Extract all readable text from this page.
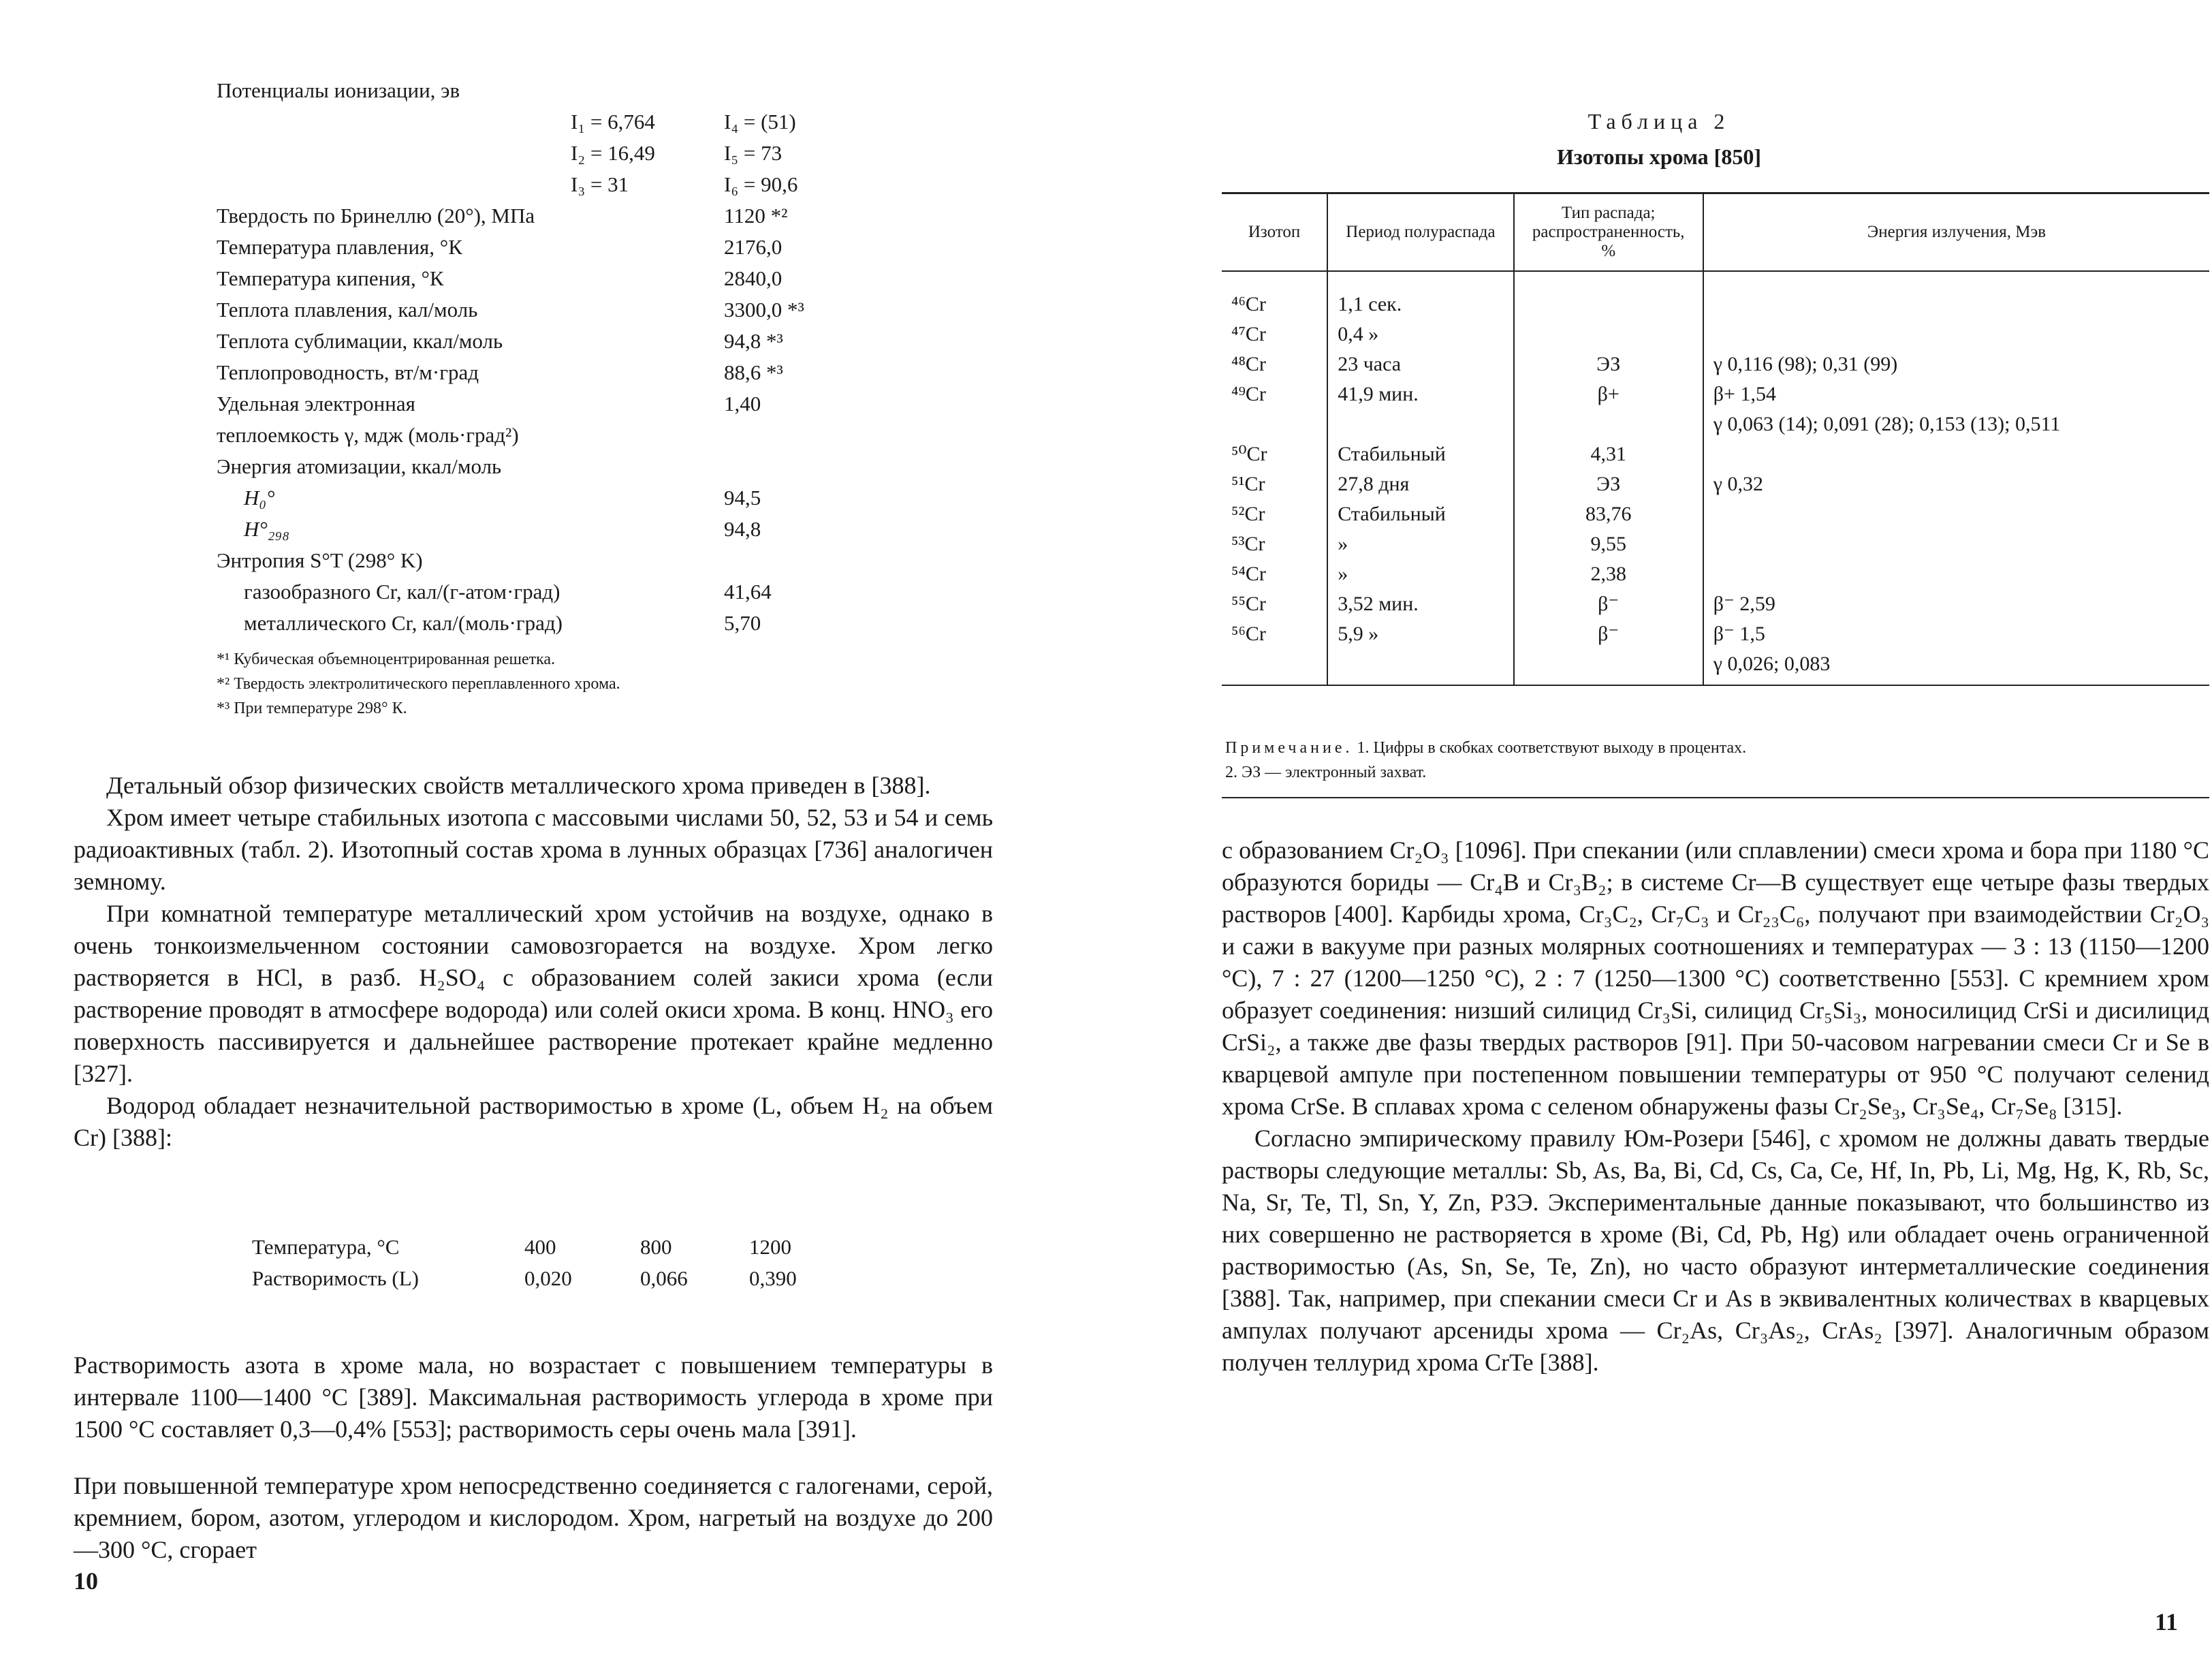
Потенциалы ионизации, эв
I₁ = 6,764	I₄ = (51)
I₂ = 16,49	I₅ = 73
I₃ = 31	I₆ = 90,6
Твердость по Бринеллю (20°), МПа	1120 *²
Температура плавления, °К	2176,0
Температура кипения, °К	2840,0
Теплота плавления, кал/моль	3300,0 *³
Теплота сублимации, ккал/моль	94,8 *³
Теплопроводность, вт/м·град	88,6 *³
Удельная электронная	1,40
теплоемкость γ, мдж (моль·град²)
Энергия атомизации, ккал/моль
H₀°	94,5
H°₂₉₈	94,8
Энтропия S°T (298° K)
газообразного Cr, кал/(г-атом·град)	41,64
металлического Cr, кал/(моль·град)	5,70
*¹ Кубическая объемноцентрированная решетка.
*² Твердость электролитического переплавленного хрома.
*³ При температуре 298° К.

Детальный обзор физических свойств металлического хрома приведен в [388].

Хром имеет четыре стабильных изотопа с массовыми числами 50, 52, 53 и 54 и семь радиоактивных (табл. 2). Изотопный состав хрома в лунных образцах [736] аналогичен земному.

При комнатной температуре металлический хром устойчив на воздухе, однако в очень тонкоизмельченном состоянии самовозгорается на воздухе. Хром легко растворяется в HCl, в разб. H₂SO₄ с образованием солей закиси хрома (если растворение проводят в атмосфере водорода) или солей окиси хрома. В конц. HNO₃ его поверхность пассивируется и дальнейшее растворение протекает крайне медленно [327].

Водород обладает незначительной растворимостью в хроме (L, объем H₂ на объем Cr) [388]:

Температура, °C	400	800	1200
Растворимость (L)	0,020	0,066	0,390

Растворимость азота в хроме мала, но возрастает с повышением температуры в интервале 1100—1400 °C [389]. Максимальная растворимость углерода в хроме при 1500 °C составляет 0,3—0,4% [553]; растворимость серы очень мала [391].

При повышенной температуре хром непосредственно соединяется с галогенами, серой, кремнием, бором, азотом, углеродом и кислородом. Хром, нагретый на воздухе до 200—300 °C, сгорает

10
Таблица 2
Изотопы хрома [850]
Изотоп	Период полураспада	Тип распада; распространенность, %	Энергия излучения, Мэв
⁴⁶Cr	1,1 сек.		
⁴⁷Cr	0,4 »		
⁴⁸Cr	23 часа	ЭЗ	γ 0,116 (98); 0,31 (99)
⁴⁹Cr	41,9 мин.	β+	β+ 1,54
			γ 0,063 (14); 0,091 (28); 0,153 (13); 0,511
⁵⁰Cr	Стабильный	4,31	
⁵¹Cr	27,8 дня	ЭЗ	γ 0,32
⁵²Cr	Стабильный	83,76	
⁵³Cr	»	9,55	
⁵⁴Cr	»	2,38	
⁵⁵Cr	3,52 мин.	β⁻	β⁻ 2,59
⁵⁶Cr	5,9 »	β⁻	β⁻ 1,5
			γ 0,026; 0,083
Примечание. 1. Цифры в скобках соответствуют выходу в процентах.
2. ЭЗ — электронный захват.

с образованием Cr₂O₃ [1096]. При спекании (или сплавлении) смеси хрома и бора при 1180 °C образуются бориды — Cr₄B и Cr₃B₂; в системе Cr—B существует еще четыре фазы твердых растворов [400]. Карбиды хрома, Cr₃C₂, Cr₇C₃ и Cr₂₃C₆, получают при взаимодействии Cr₂O₃ и сажи в вакууме при разных молярных соотношениях и температурах — 3 : 13 (1150—1200 °C), 7 : 27 (1200—1250 °C), 2 : 7 (1250—1300 °C) соответственно [553]. С кремнием хром образует соединения: низший силицид Cr₃Si, силицид Cr₅Si₃, моносилицид CrSi и дисилицид CrSi₂, а также две фазы твердых растворов [91]. При 50-часовом нагревании смеси Cr и Se в кварцевой ампуле при постепенном повышении температуры от 950 °C получают селенид хрома CrSe. В сплавах хрома с селеном обнаружены фазы Cr₂Se₃, Cr₃Se₄, Cr₇Se₈ [315].

Согласно эмпирическому правилу Юм-Розери [546], с хромом не должны давать твердые растворы следующие металлы: Sb, As, Ba, Bi, Cd, Cs, Ca, Ce, Hf, In, Pb, Li, Mg, Hg, K, Rb, Sc, Na, Sr, Te, Tl, Sn, Y, Zn, РЗЭ. Экспериментальные данные показывают, что большинство из них совершенно не растворяется в хроме (Bi, Cd, Pb, Hg) или обладает очень ограниченной растворимостью (As, Sn, Se, Te, Zn), но часто образуют интерметаллические соединения [388]. Так, например, при спекании смеси Cr и As в эквивалентных количествах в кварцевых ампулах получают арсениды хрома — Cr₂As, Cr₃As₂, CrAs₂ [397]. Аналогичным образом получен теллурид хрома CrTe [388].

11
